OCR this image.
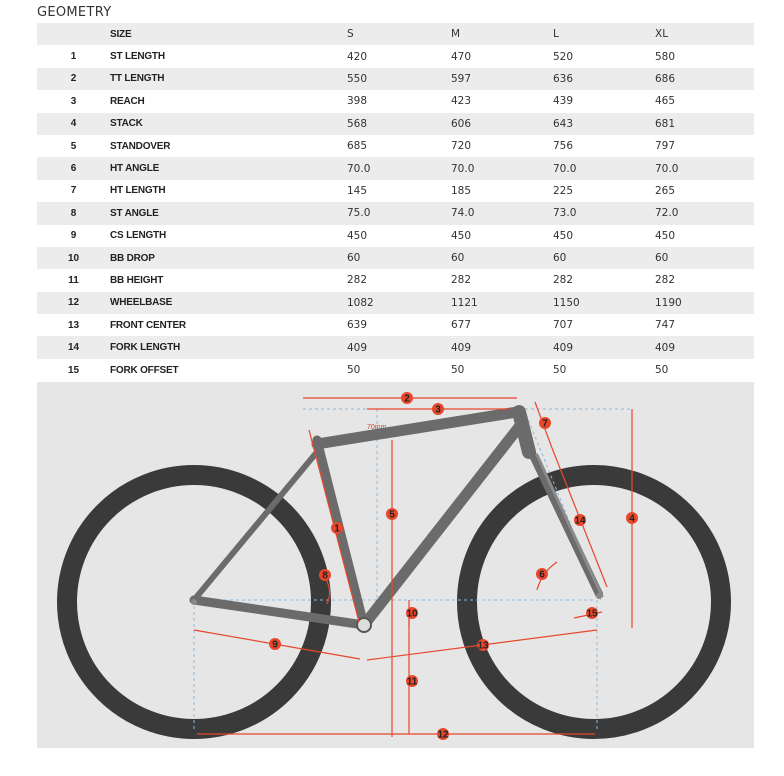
GEOMETRY
	SIZE	S	M	L	XL
1	ST LENGTH	420	470	520	580
2	TT LENGTH	550	597	636	686
3	REACH	398	423	439	465
4	STACK	568	606	643	681
5	STANDOVER	685	720	756	797
6	HT ANGLE	70.0	70.0	70.0	70.0
7	HT LENGTH	145	185	225	265
8	ST ANGLE	75.0	74.0	73.0	72.0
9	CS LENGTH	450	450	450	450
10	BB DROP	60	60	60	60
11	BB HEIGHT	282	282	282	282
12	WHEELBASE	1082	1121	1150	1190
13	FRONT CENTER	639	677	707	747
14	FORK LENGTH	409	409	409	409
15	FORK OFFSET	50	50	50	50
70mm
2
3
4
5
1
7
14
6
8
9	13
10
11
12
15
